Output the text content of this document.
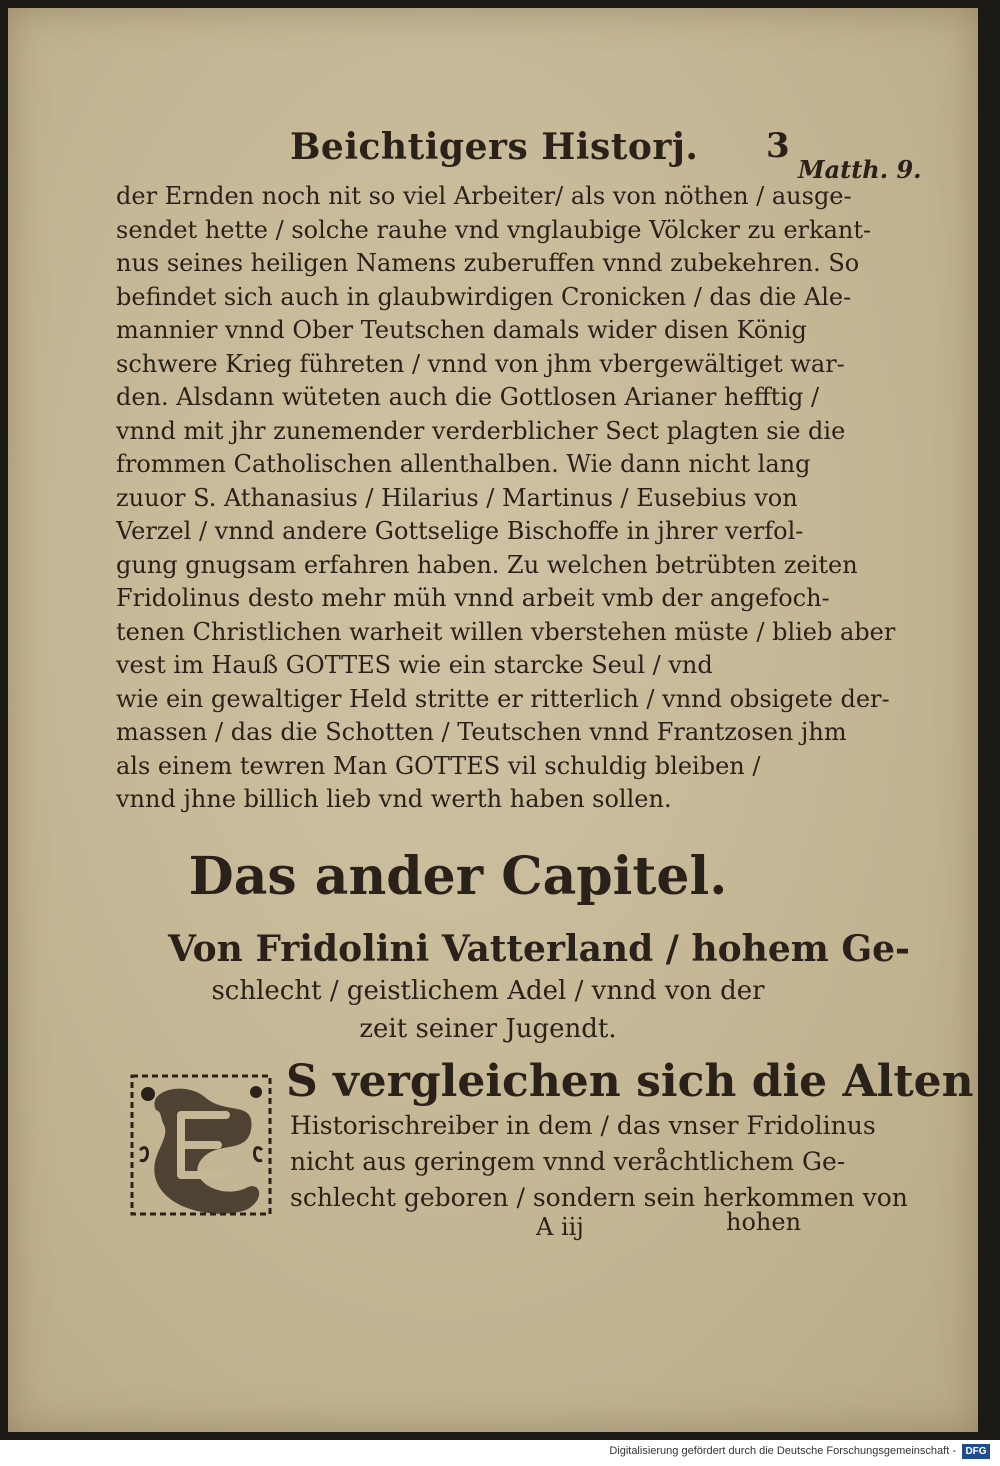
Beichtigers Historj. 3
Matth. 9.
der Ernden noch nit so viel Arbeiter/ als von nöthen / ausge-
sendet hette / solche rauhe vnd vnglaubige Völcker zu erkant-
nus seines heiligen Namens zuberuffen vnnd zubekehren. So
befindet sich auch in glaubwirdigen Cronicken / das die Ale-
mannier vnnd Ober Teutschen damals wider disen König
schwere Krieg führeten / vnnd von jhm vbergewältiget war-
den. Alsdann wüteten auch die Gottlosen Arianer hefftig /
vnnd mit jhr zunemender verderblicher Sect plagten sie die
frommen Catholischen allenthalben. Wie dann nicht lang
zuuor S. Athanasius / Hilarius / Martinus / Eusebius von
Verzel / vnnd andere Gottselige Bischoffe in jhrer verfol-
gung gnugsam erfahren haben. Zu welchen betrübten zeiten
Fridolinus desto mehr müh vnnd arbeit vmb der angefoch-
tenen Christlichen warheit willen vberstehen müste / blieb aber
vest im Hauß GOTTES wie ein starcke Seul / vnd
wie ein gewaltiger Held stritte er ritterlich / vnnd obsigete der-
massen / das die Schotten / Teutschen vnnd Frantzosen jhm
als einem tewren Man GOTTES vil schuldig bleiben /
vnnd jhne billich lieb vnd werth haben sollen.
Das ander Capitel.
Von Fridolini Vatterland / hohem Ge-
schlecht / geistlichem Adel / vnnd von der
zeit seiner Jugendt.
S vergleichen sich die Alten
Historischreiber in dem / das vnser Fridolinus
nicht aus geringem vnnd veråchtlichem Ge-
schlecht geboren / sondern sein herkommen von
A iij	hohen
Digitalisierung gefördert durch die Deutsche Forschungsgemeinschaft - DFG
